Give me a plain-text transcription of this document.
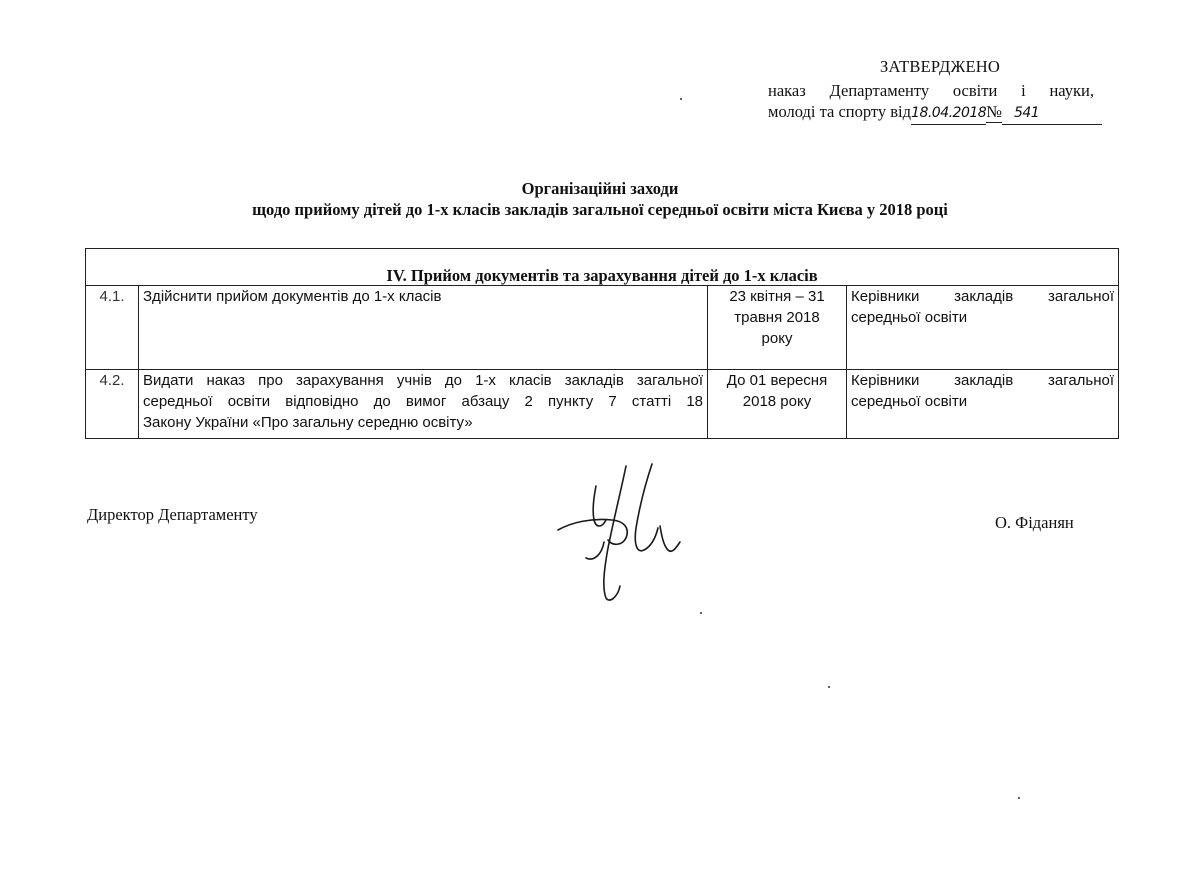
ЗАТВЕРДЖЕНО
наказ Департаменту освіти і науки,
молоді та спорту від18.04.2018№ 541
Організаційні заходи
щодо прийому дітей до 1-х класів закладів загальної середньої освіти міста Києва у 2018 році
IV. Прийом документів та зарахування дітей до 1-х класів			
4.1.	Здійснити прийом документів до 1-х класів	23 квітня – 31 травня 2018 року	Керівники закладів загальної середньої освіти

4.2.	Видати наказ про зарахування учнів до 1-х класів закладів загальної
середньої освіти відповідно до вимог абзацу 2 пункту 7 статті 18
Закону України «Про загальну середню освіту»	До 01 вересня 2018 року	Керівники закладів загальної середньої освіти
Директор Департаменту	О. Фіданян
